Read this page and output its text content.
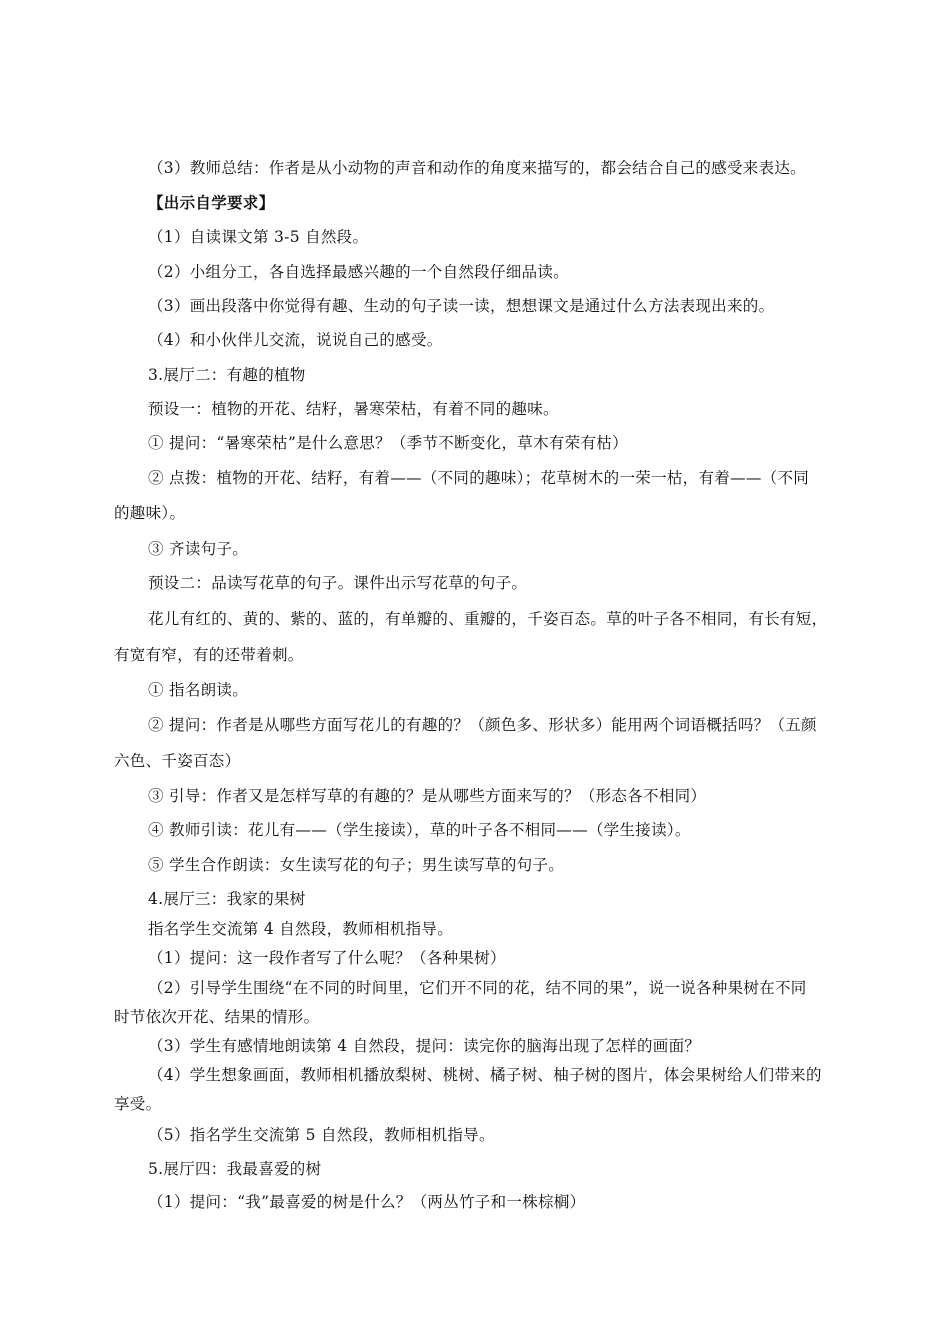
（3）教师总结：作者是从小动物的声音和动作的角度来描写的，都会结合自己的感受来表达。
【出示自学要求】
（1）自读课文第 3-5 自然段。
（2）小组分工，各自选择最感兴趣的一个自然段仔细品读。
（3）画出段落中你觉得有趣、生动的句子读一读，想想课文是通过什么方法表现出来的。
（4）和小伙伴儿交流，说说自己的感受。
3.展厅二：有趣的植物
预设一：植物的开花、结籽，暑寒荣枯，有着不同的趣味。
① 提问：“暑寒荣枯”是什么意思？（季节不断变化，草木有荣有枯）
② 点拨：植物的开花、结籽，有着——（不同的趣味）；花草树木的一荣一枯，有着——（不同
的趣味）。
③ 齐读句子。
预设二：品读写花草的句子。课件出示写花草的句子。
花儿有红的、黄的、紫的、蓝的，有单瓣的、重瓣的，千姿百态。草的叶子各不相同，有长有短，
有宽有窄，有的还带着刺。
① 指名朗读。
② 提问：作者是从哪些方面写花儿的有趣的？（颜色多、形状多）能用两个词语概括吗？（五颜
六色、千姿百态）
③ 引导：作者又是怎样写草的有趣的？是从哪些方面来写的？（形态各不相同）
④ 教师引读：花儿有——（学生接读），草的叶子各不相同——（学生接读）。
⑤ 学生合作朗读：女生读写花的句子；男生读写草的句子。
4.展厅三：我家的果树
指名学生交流第 4 自然段，教师相机指导。
（1）提问：这一段作者写了什么呢？（各种果树）
（2）引导学生围绕“在不同的时间里，它们开不同的花，结不同的果”，说一说各种果树在不同
时节依次开花、结果的情形。
（3）学生有感情地朗读第 4 自然段，提问：读完你的脑海出现了怎样的画面？
（4）学生想象画面，教师相机播放梨树、桃树、橘子树、柚子树的图片，体会果树给人们带来的
享受。
（5）指名学生交流第 5 自然段，教师相机指导。
5.展厅四：我最喜爱的树
（1）提问：“我”最喜爱的树是什么？（两丛竹子和一株棕榈）
